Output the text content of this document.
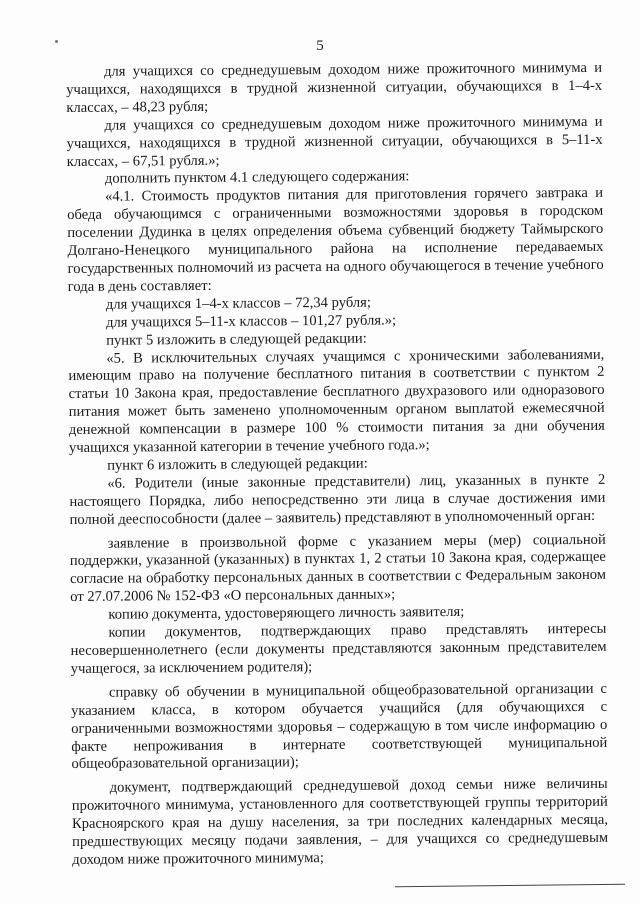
5

для учащихся со среднедушевым доходом ниже прожиточного минимума и учащихся, находящихся в трудной жизненной ситуации, обучающихся в 1–4-х классах, – 48,23 рубля;

для учащихся со среднедушевым доходом ниже прожиточного минимума и учащихся, находящихся в трудной жизненной ситуации, обучающихся в 5–11-х классах, – 67,51 рубля.»;

дополнить пунктом 4.1 следующего содержания:

«4.1. Стоимость продуктов питания для приготовления горячего завтрака и обеда обучающимся с ограниченными возможностями здоровья в городском поселении Дудинка в целях определения объема субвенций бюджету Таймырского Долгано-Ненецкого муниципального района на исполнение передаваемых государственных полномочий из расчета на одного обучающегося в течение учебного года в день составляет:

для учащихся 1–4-х классов – 72,34 рубля;

для учащихся 5–11-х классов – 101,27 рубля.»;

пункт 5 изложить в следующей редакции:

«5. В исключительных случаях учащимся с хроническими заболеваниями, имеющим право на получение бесплатного питания в соответствии с пунктом 2 статьи 10 Закона края, предоставление бесплатного двухразового или одноразового питания может быть заменено уполномоченным органом выплатой ежемесячной денежной компенсации в размере 100 % стоимости питания за дни обучения учащихся указанной категории в течение учебного года.»;

пункт 6 изложить в следующей редакции:

«6. Родители (иные законные представители) лиц, указанных в пункте 2 настоящего Порядка, либо непосредственно эти лица в случае достижения ими полной дееспособности (далее – заявитель) представляют в уполномоченный орган:

заявление в произвольной форме с указанием меры (мер) социальной поддержки, указанной (указанных) в пунктах 1, 2 статьи 10 Закона края, содержащее согласие на обработку персональных данных в соответствии с Федеральным законом от 27.07.2006 № 152-ФЗ «О персональных данных»;

копию документа, удостоверяющего личность заявителя;

копии документов, подтверждающих право представлять интересы несовершеннолетнего (если документы представляются законным представителем учащегося, за исключением родителя);

справку об обучении в муниципальной общеобразовательной организации с указанием класса, в котором обучается учащийся (для обучающихся с ограниченными возможностями здоровья – содержащую в том числе информацию о факте непроживания в интернате соответствующей муниципальной общеобразовательной организации);

документ, подтверждающий среднедушевой доход семьи ниже величины прожиточного минимума, установленного для соответствующей группы территорий Красноярского края на душу населения, за три последних календарных месяца, предшествующих месяцу подачи заявления, – для учащихся со среднедушевым доходом ниже прожиточного минимума;
